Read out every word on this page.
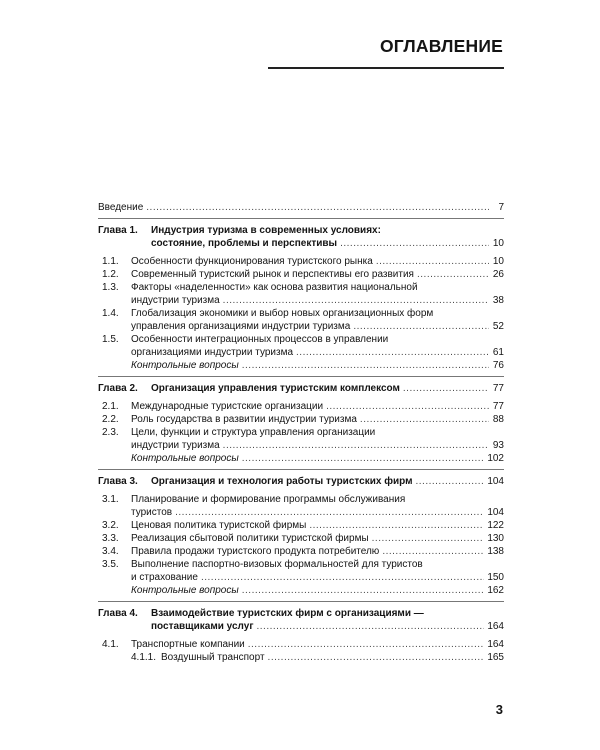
ОГЛАВЛЕНИЕ
Введение .....	7
Глава 1. Индустрия туризма в современных условиях:
состояние, проблемы и перспективы .....	10
1.1. Особенности функционирования туристского рынка .....	10
1.2. Современный туристский рынок и перспективы его развития .....	26
1.3. Факторы «наделенности» как основа развития национальной
индустрии туризма .....	38
1.4. Глобализация экономики и выбор новых организационных форм
управления организациями индустрии туризма .....	52
1.5. Особенности интеграционных процессов в управлении
организациями индустрии туризма .....	61
Контрольные вопросы .....	76
Глава 2. Организация управления туристским комплексом .....	77
2.1. Международные туристские организации .....	77
2.2. Роль государства в развитии индустрии туризма .....	88
2.3. Цели, функции и структура управления организации
индустрии туризма .....	93
Контрольные вопросы .....	102
Глава 3. Организация и технология работы туристских фирм .....	104
3.1. Планирование и формирование программы обслуживания
туристов .....	104
3.2. Ценовая политика туристской фирмы .....	122
3.3. Реализация сбытовой политики туристской фирмы .....	130
3.4. Правила продажи туристского продукта потребителю .....	138
3.5. Выполнение паспортно-визовых формальностей для туристов
и страхование .....	150
Контрольные вопросы .....	162
Глава 4. Взаимодействие туристских фирм с организациями —
поставщиками услуг .....	164
4.1. Транспортные компании .....	164
4.1.1. Воздушный транспорт .....	165
3
